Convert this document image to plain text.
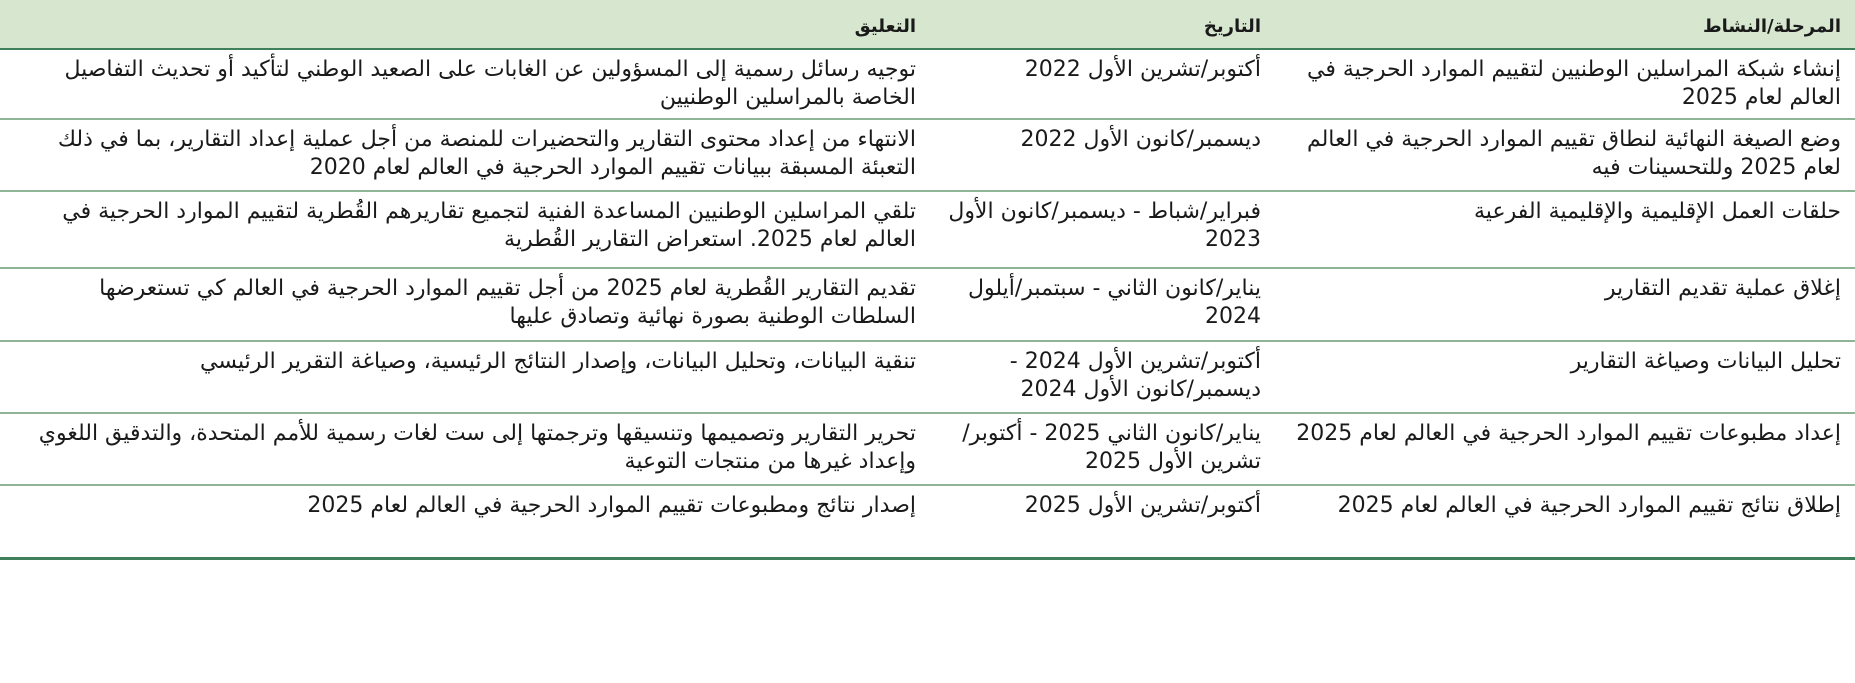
المرحلة/النشاط
التاريخ
التعليق
إنشاء شبكة المراسلين الوطنيين لتقييم الموارد الحرجية في العالم لعام 2025
أكتوبر/تشرين الأول 2022
توجيه رسائل رسمية إلى المسؤولين عن الغابات على الصعيد الوطني لتأكيد أو تحديث التفاصيل الخاصة بالمراسلين الوطنيين
وضع الصيغة النهائية لنطاق تقييم الموارد الحرجية في العالم لعام 2025 وللتحسينات فيه
ديسمبر/كانون الأول 2022
الانتهاء من إعداد محتوى التقارير والتحضيرات للمنصة من أجل عملية إعداد التقارير، بما في ذلك التعبئة المسبقة ببيانات تقييم الموارد الحرجية في العالم لعام 2020
حلقات العمل الإقليمية والإقليمية الفرعية
فبراير/شباط - ديسمبر/كانون الأول 2023
تلقي المراسلين الوطنيين المساعدة الفنية لتجميع تقاريرهم القُطرية لتقييم الموارد الحرجية في العالم لعام 2025. استعراض التقارير القُطرية
إغلاق عملية تقديم التقارير
يناير/كانون الثاني - سبتمبر/أيلول 2024
تقديم التقارير القُطرية لعام 2025 من أجل تقييم الموارد الحرجية في العالم كي تستعرضها السلطات الوطنية بصورة نهائية وتصادق عليها
تحليل البيانات وصياغة التقارير
أكتوبر/تشرين الأول 2024 - ديسمبر/كانون الأول 2024
تنقية البيانات، وتحليل البيانات، وإصدار النتائج الرئيسية، وصياغة التقرير الرئيسي
إعداد مطبوعات تقييم الموارد الحرجية في العالم لعام 2025
يناير/كانون الثاني 2025 - أكتوبر/تشرين الأول 2025
تحرير التقارير وتصميمها وتنسيقها وترجمتها إلى ست لغات رسمية للأمم المتحدة، والتدقيق اللغوي وإعداد غيرها من منتجات التوعية
إطلاق نتائج تقييم الموارد الحرجية في العالم لعام 2025
أكتوبر/تشرين الأول 2025
إصدار نتائج ومطبوعات تقييم الموارد الحرجية في العالم لعام 2025
